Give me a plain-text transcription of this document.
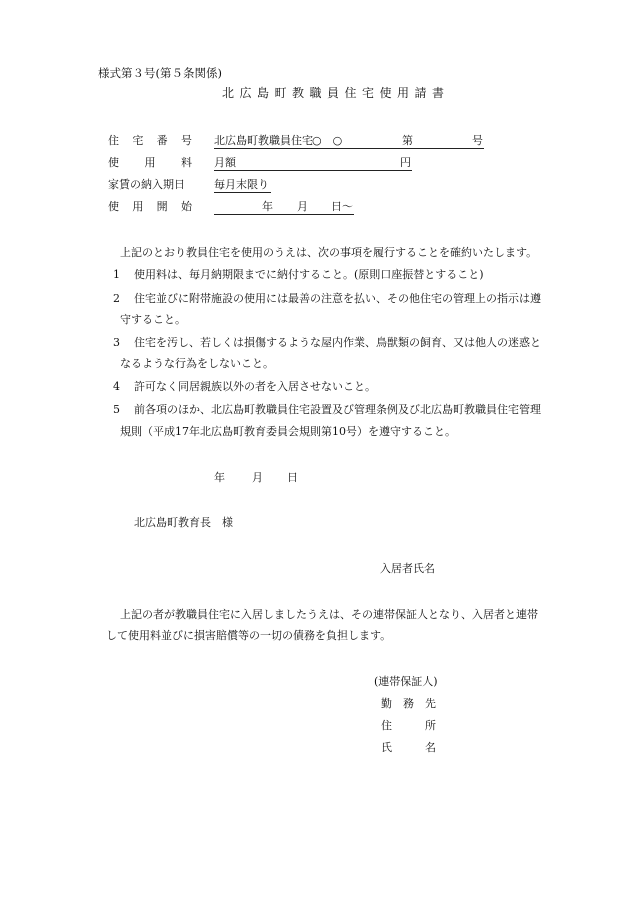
様式第３号(第５条関係)
北広島町教職員住宅使用請書
住 宅 番 号 北広島町教職員住宅 ○　○	第	号
使 用 料 月額	円
家賃の納入期日	毎月末限り
使 用 開 始	年 月 日〜
上記のとおり教員住宅を使用のうえは、次の事項を履行することを確約いたします。
1 使用料は、毎月納期限までに納付すること。(原則口座振替とすること)
2 住宅並びに附帯施設の使用には最善の注意を払い、その他住宅の管理上の指示は遵
守すること。
3 住宅を汚し、若しくは損傷するような屋内作業、鳥獣類の飼育、又は他人の迷惑と
なるような行為をしないこと。
4 許可なく同居親族以外の者を入居させないこと。
5 前各項のほか、北広島町教職員住宅設置及び管理条例及び北広島町教職員住宅管理
規則（平成17年北広島町教育委員会規則第10号）を遵守すること。
年 月 日
北広島町教育長　様
入居者氏名
上記の者が教職員住宅に入居しましたうえは、その連帯保証人となり、入居者と連帯
して使用料並びに損害賠償等の一切の債務を負担します。
(連帯保証人)
勤 務 先
住	所
氏	名
